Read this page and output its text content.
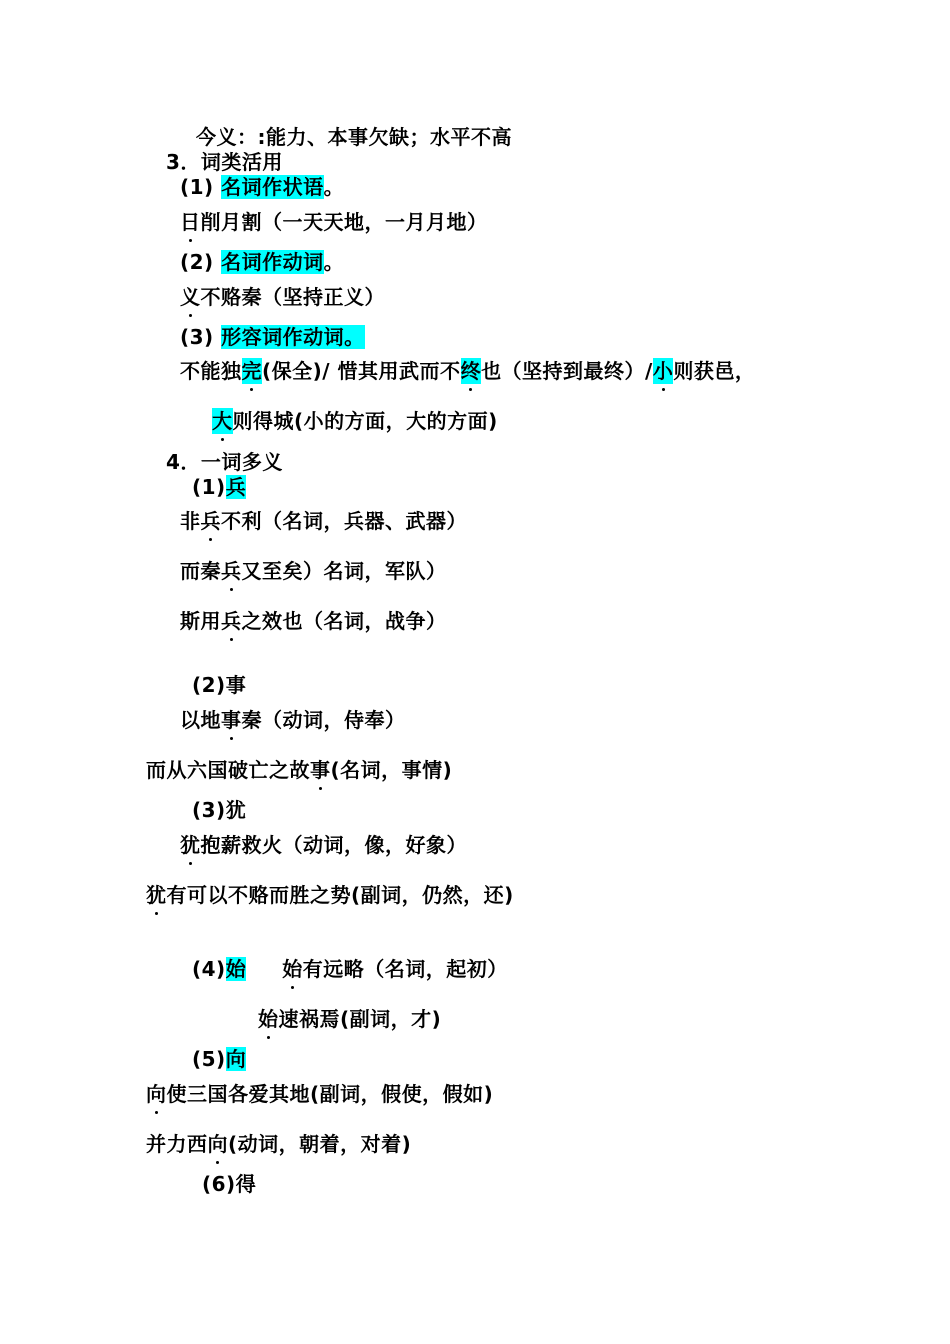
今义：:能力、本事欠缺；水平不高
3．词类活用
(1) 名词作状语。
日削月割（一天天地，一月月地）
(2) 名词作动词。
义不赂秦（坚持正义）
(3) 形容词作动词。
不能独完(保全)/ 惜其用武而不终也（坚持到最终）/小则获邑，
大则得城(小的方面，大的方面)
4．一词多义
(1)兵
非兵不利（名词，兵器、武器）
而秦兵又至矣）名词，军队）
斯用兵之效也（名词，战争）
(2)事
以地事秦（动词，侍奉）
而从六国破亡之故事(名词，事情)
(3)犹
犹抱薪救火（动词，像，好象）
犹有可以不赂而胜之势(副词，仍然，还)
(4)始 始有远略（名词，起初）
始速祸焉(副词，才)
(5)向
向使三国各爱其地(副词，假使，假如)
并力西向(动词，朝着，对着)
(6)得
